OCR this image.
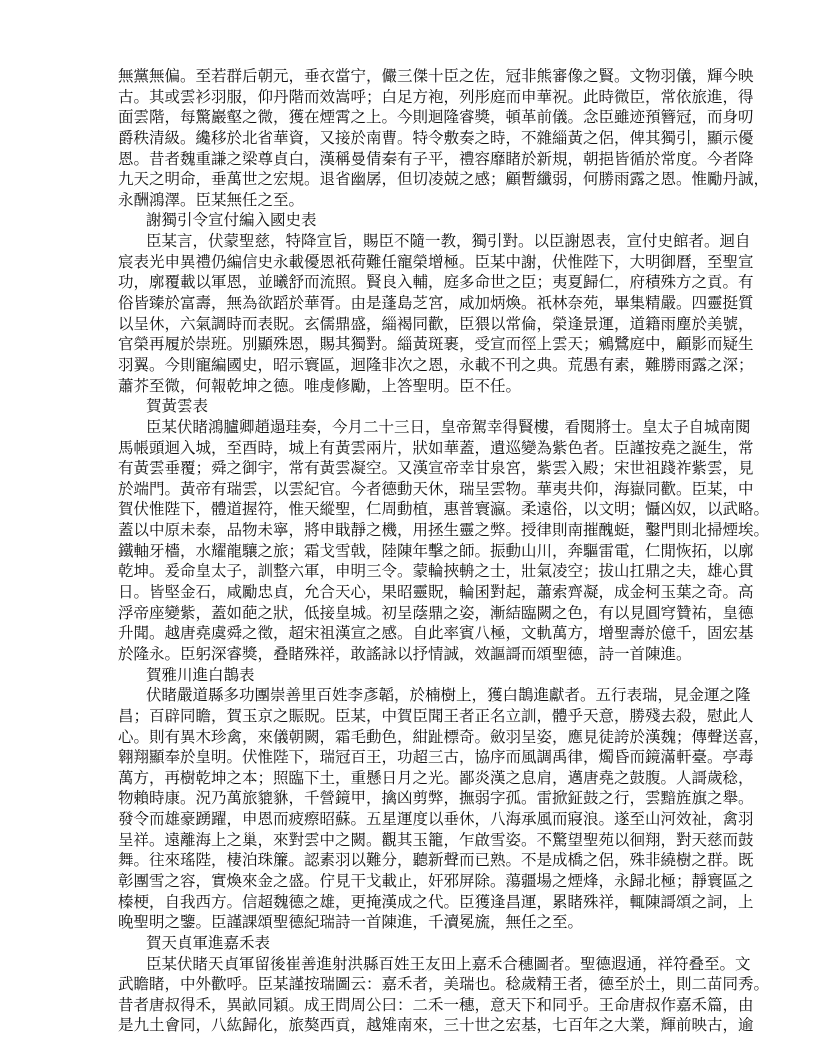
無黨無偏。至若群后朝元，垂衣當宁，儼三傑十臣之佐，冠非熊審像之賢。文物羽儀，輝今映
古。其或雲衫羽服，仰丹階而效嵩呼；白足方袍，列彤庭而申華祝。此時微臣，常依旅進，得
面雲階，每驚巖壑之微，獲在煙霄之上。今則迴隆睿獎，頓革前儀。念臣雖迹預簪冠，而身叨
爵秩清級。纔移於北省華資，又接於南曹。特令敷奏之時，不雜緇黃之侶，俾其獨引，顯示優
恩。昔者魏重謙之梁尊貞白，漢稱曼倩秦有子平，禮容靡睹於新規，朝挹皆循於常度。今者降
九天之明命，垂萬世之宏規。退省幽孱，但切凌兢之感；顧暫纖弱，何勝雨露之恩。惟勵丹誠，
永酬鴻澤。臣某無任之至。
謝獨引令宣付編入國史表
臣某言，伏蒙聖慈，特降宣旨，賜臣不隨一教，獨引對。以臣謝恩表，宣付史館者。迴自
宸表光申異禮仍編信史永載優恩祇荷難任寵榮增極。臣某中謝，伏惟陛下，大明御曆，至聖宣
功，廓覆載以軍恩，並曦舒而流照。賢良入輔，庭多命世之臣；夷夏歸仁，府積殊方之貢。有
俗皆臻於富壽，無為欲蹈於華胥。由是蓬島芝宮，咸加炳煥。祇林奈苑，畢集精嚴。四靈挺質
以呈休，六氣調時而表貺。玄儒鼎盛，緇褐同歡，臣猥以常倫，榮逢景運，道籍雨塵於美號，
官榮再履於崇班。別顯殊恩，賜其獨對。緇黃斑裹，受宣而徑上雲天；鵷鷺庭中，顧影而疑生
羽翼。今則寵編國史，昭示寰區，迴隆非次之恩，永載不刊之典。荒愚有素，難勝雨露之深；
蕭芥至微，何報乾坤之德。唯虔修勵，上答聖明。臣不任。
賀黃雲表
臣某伏睹鴻臚卿趙遢珪奏，今月二十三日，皇帝駕幸得賢樓，看閱將士。皇太子自城南閱
馬帳頭迴入城，至酉時，城上有黃雲兩片，狀如華蓋，遺巡變為紫色者。臣謹按堯之誕生，常
有黃雲垂覆；舜之御宇，常有黃雲凝空。又漢宣帝幸甘泉宮，紫雲入殿；宋世祖踐祚紫雲，見
於端門。黃帝有瑞雲，以雲紀官。今者德動天休，瑞呈雲物。華夷共仰，海嶽同歡。臣某，中
賀伏惟陛下，體道握符，惟天縱聖，仁周動植，惠普寰瀛。柔遠俗，以文明；懾凶奴，以武略。
蓋以中原未泰，品物未寧，將申戢靜之機，用拯生靈之弊。授律則南摧醜蜓，鑿門則北掃煙埃。
鐵軸牙檣，水耀龍驤之旅；霜戈雪戟，陸陳年擊之師。振動山川，奔驅雷電，仁閒恢拓，以廓
乾坤。爰命皇太子，訓整六軍，申明三令。蒙輪挾輈之士，壯氣凌空；拔山扛鼎之夫，雄心貫
日。皆堅金石，咸勵忠貞，允合天心，果昭靈貺，輪囷對起，蕭索齊凝，成金柯玉葉之奇。高
浮帝座變紫，蓋如葩之狀，低接皇城。初呈蔭鼎之姿，漸結臨闕之色，有以見圓穹贊祐，皇德
升聞。越唐堯虞舜之徵，超宋祖漢宣之感。自此率賓八極，文軌萬方，增聖壽於億千，固宏基
於隆永。臣躬深睿獎，叠睹殊祥，敢謠詠以抒情誠，效謳謌而頌聖德，詩一首陳進。
賀雅川進白鵲表
伏睹嚴道縣多功團崇善里百姓李彥韜，於楠樹上，獲白鵲進獻者。五行表瑞，見金運之隆
昌；百辟同瞻，賀玉京之賑貺。臣某，中賀臣聞王者正名立訓，體乎天意，勝殘去殺，慰此人
心。則有異木珍禽，來儀朝闕，霜毛動色，紺趾標奇。斂羽呈姿，應見徒誇於漢魏；傳聲送喜，
翱翔顯奉於皇明。伏惟陛下，瑞冠百王，功超三古，協序而風調禹律，燭昏而鏡滿軒臺。亭毒
萬方，再樹乾坤之本；照臨下土，重懸日月之光。鄙炎漢之息肩，邁唐堯之鼓腹。人謌歲稔，
物賴時康。況乃萬旅貔貅，千營鏡甲，擒凶剪弊，撫弱字孤。雷掀鉦鼓之行，雲黯旌旗之舉。
發令而雄豪踴躍，申恩而疲瘵昭蘇。五星運度以垂休，八海承風而寢浪。遂至山河效祉，禽羽
呈祥。遠離海上之巢，來對雲中之闕。觀其玉籠，乍啟雪姿。不驚望聖苑以徊翔，對天慈而鼓
舞。往來瑤陛，棲泊珠簾。認素羽以難分，聽新聲而已熟。不是成橋之侶，殊非繞樹之群。既
彰團雪之容，實煥來金之盛。佇見干戈載止，奸邪屏除。蕩疆場之煙烽，永歸北極；靜寰區之
榛梗，自我西方。信超魏德之雄，更掩漢成之代。臣獲逢昌運，累睹殊祥，輒陳謌頌之詞，上
晚聖明之鑒。臣謹課頌聖德紀瑞詩一首陳進，千瀆冕旒，無任之至。
賀天貞軍進嘉禾表
臣某伏睹天貞軍留後崔善進射洪縣百姓王友田上嘉禾合穗圖者。聖德遐通，祥符叠至。文
武瞻睹，中外歡呼。臣某謹按瑞圖云：嘉禾者，美瑞也。稔歲精王者，德至於土，則二苗同秀。
昔者唐叔得禾，異畝同穎。成王問周公曰：二禾一穗，意天下和同乎。王命唐叔作嘉禾篇，由
是九土會同，八紘歸化，旅獒西貢，越雉南來，三十世之宏基，七百年之大業，輝前映古，逾
